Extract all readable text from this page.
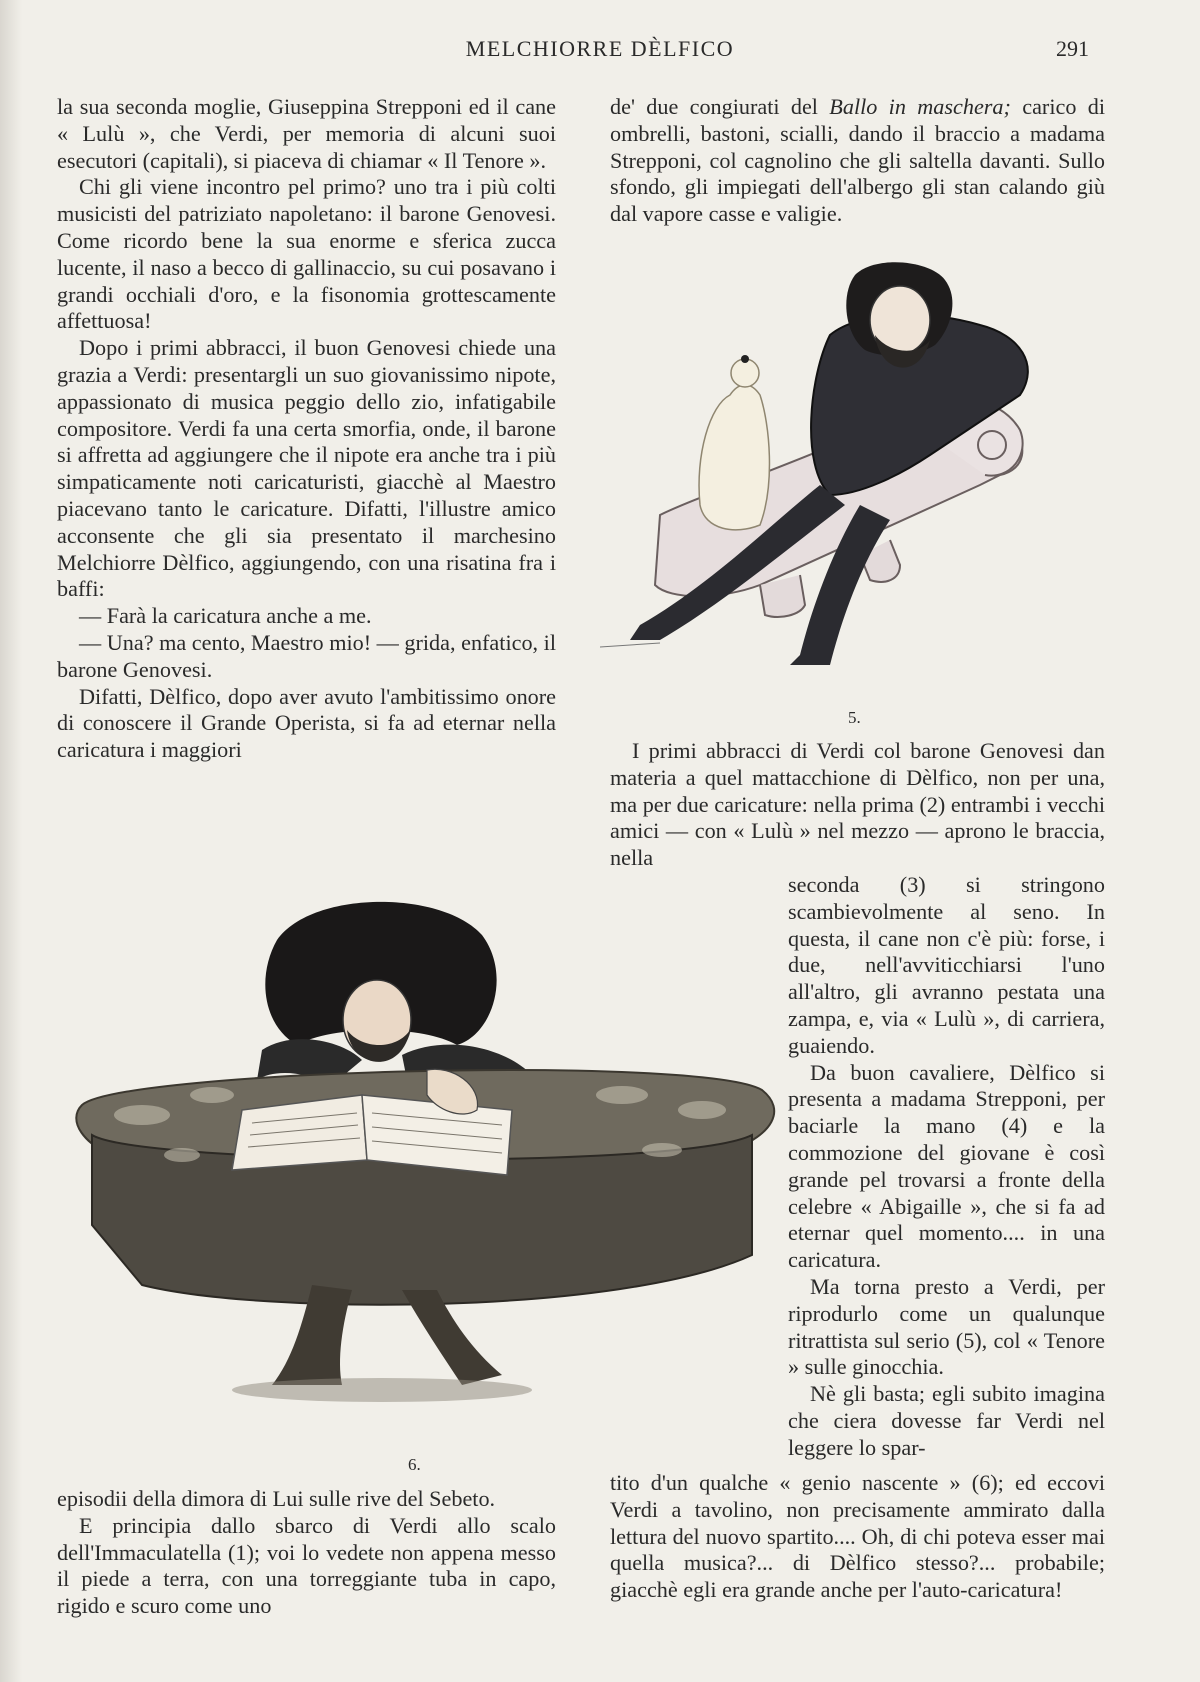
MELCHIORRE DÈLFICO	291

la sua seconda moglie, Giuseppina Strepponi ed il cane « Lulù », che Verdi, per memoria di alcuni suoi esecutori (capitali), si piaceva di chiamar « Il Tenore ».

Chi gli viene incontro pel primo? uno tra i più colti musicisti del patriziato napoletano: il barone Genovesi. Come ricordo bene la sua enorme e sferica zucca lucente, il naso a becco di gallinaccio, su cui posavano i grandi occhiali d'oro, e la fisonomia grottescamente affettuosa!

Dopo i primi abbracci, il buon Genovesi chiede una grazia a Verdi: presentargli un suo giovanissimo nipote, appassionato di musica peggio dello zio, infatigabile compositore. Verdi fa una certa smorfia, onde, il barone si affretta ad aggiungere che il nipote era anche tra i più simpaticamente noti caricaturisti, giacchè al Maestro piacevano tanto le caricature. Difatti, l'illustre amico acconsente che gli sia presentato il marchesino Melchiorre Dèlfico, aggiungendo, con una risatina fra i baffi:

— Farà la caricatura anche a me.

— Una? ma cento, Maestro mio! — grida, enfatico, il barone Genovesi.

Difatti, Dèlfico, dopo aver avuto l'ambitissimo onore di conoscere il Grande Operista, si fa ad eternar nella caricatura i maggiori

de' due congiurati del Ballo in maschera; carico di ombrelli, bastoni, scialli, dando il braccio a madama Strepponi, col cagnolino che gli saltella davanti. Sullo sfondo, gli impiegati dell'albergo gli stan calando giù dal vapore casse e valigie.

5.

I primi abbracci di Verdi col barone Genovesi dan materia a quel mattacchione di Dèlfico, non per una, ma per due caricature: nella prima (2) entrambi i vecchi amici — con « Lulù » nel mezzo — aprono le braccia, nella

seconda (3) si stringono scambievolmente al seno. In questa, il cane non c'è più: forse, i due, nell'avviticchiarsi l'uno all'altro, gli avranno pestata una zampa, e, via « Lulù », di carriera, guaiendo.

Da buon cavaliere, Dèlfico si presenta a madama Strepponi, per baciarle la mano (4) e la commozione del giovane è così grande pel trovarsi a fronte della celebre « Abigaille », che si fa ad eternar quel momento.... in una caricatura.

Ma torna presto a Verdi, per riprodurlo come un qualunque ritrattista sul serio (5), col « Tenore » sulle ginocchia.

Nè gli basta; egli subito imagina che ciera dovesse far Verdi nel leggere lo spar-

6.

episodii della dimora di Lui sulle rive del Sebeto.

E principia dallo sbarco di Verdi allo scalo dell'Immaculatella (1); voi lo vedete non appena messo il piede a terra, con una torreggiante tuba in capo, rigido e scuro come uno

tito d'un qualche « genio nascente » (6); ed eccovi Verdi a tavolino, non precisamente ammirato dalla lettura del nuovo spartito.... Oh, di chi poteva esser mai quella musica?... di Dèlfico stesso?... probabile; giacchè egli era grande anche per l'auto-caricatura!
